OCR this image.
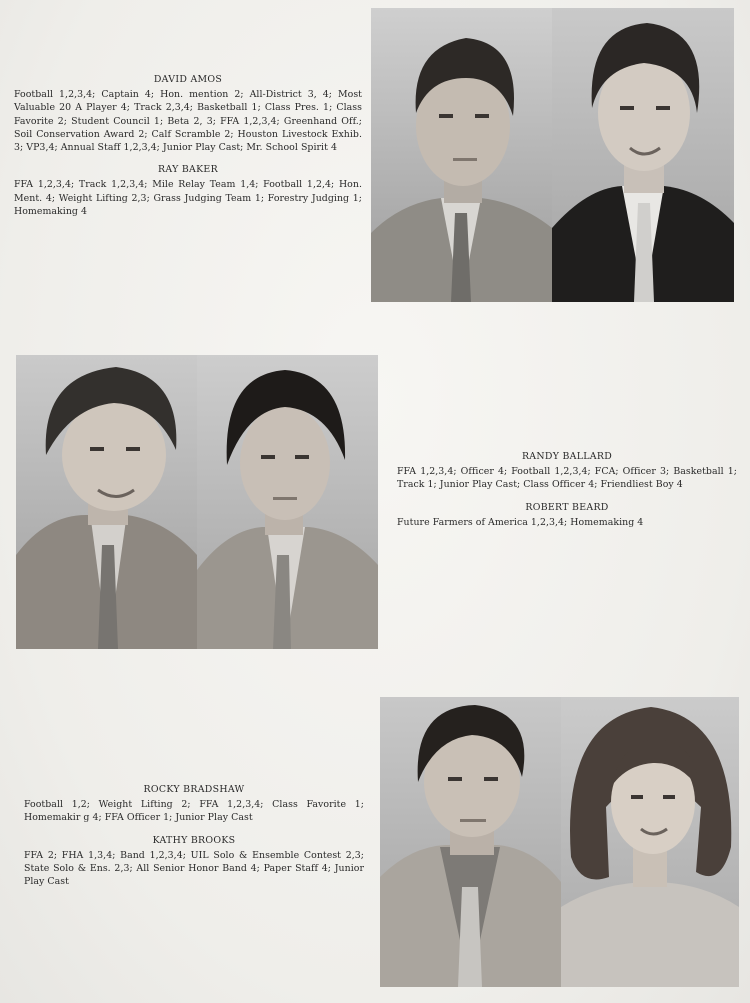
DAVID AMOS
Football 1,2,3,4; Captain 4; Hon. mention 2; All-District 3, 4; Most Valuable 20 A Player 4; Track 2,3,4; Basketball 1; Class Pres. 1; Class Favorite 2; Student Council 1; Beta 2, 3; FFA 1,2,3,4; Greenhand Off.; Soil Conservation Award 2; Calf Scramble 2; Houston Livestock Exhib. 3; VP3,4; Annual Staff 1,2,3,4; Junior Play Cast; Mr. School Spirit 4
RAY BAKER
FFA 1,2,3,4; Track 1,2,3,4; Mile Relay Team 1,4; Football 1,2,4; Hon. Ment. 4; Weight Lifting 2,3; Grass Judging Team 1; Forestry Judging 1; Homemaking 4
RANDY BALLARD
FFA 1,2,3,4; Officer 4; Football 1,2,3,4; FCA; Officer 3; Basketball 1; Track 1; Junior Play Cast; Class Officer 4; Friendliest Boy 4
ROBERT BEARD
Future Farmers of America 1,2,3,4; Homemaking 4
ROCKY BRADSHAW
Football 1,2; Weight Lifting 2; FFA 1,2,3,4; Class Favorite 1; Homemakir g 4; FFA Officer 1; Junior Play Cast
KATHY BROOKS
FFA 2; FHA 1,3,4; Band 1,2,3,4; UIL Solo & Ensemble Contest 2,3; State Solo & Ens. 2,3; All Senior Honor Band 4; Paper Staff 4; Junior Play Cast
